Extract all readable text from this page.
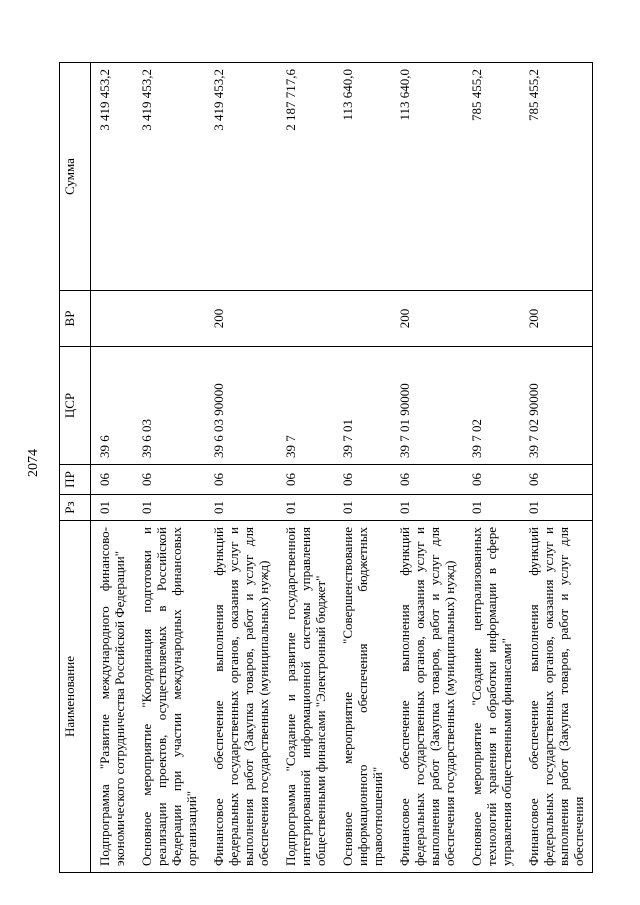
2074
Наименование	Рз	ПР	ЦСР	ВР	Сумма
Подпрограмма "Развитие международного финансово-экономического сотрудничества Российской Федерации"	01	06	39 6		3 419 453,2
Основное мероприятие "Координация подготовки и реализации проектов, осуществляемых в Российской Федерации при участии международных финансовых организаций"	01	06	39 6 03		3 419 453,2
Финансовое обеспечение выполнения функций федеральных государственных органов, оказания услуг и выполнения работ (Закупка товаров, работ и услуг для обеспечения государственных (муниципальных) нужд)	01	06	39 6 03 90000	200	3 419 453,2
Подпрограмма "Создание и развитие государственной интегрированной информационной системы управления общественными финансами "Электронный бюджет"	01	06	39 7		2 187 717,6
Основное мероприятие "Совершенствование информационного обеспечения бюджетных правоотношений"	01	06	39 7 01		113 640,0
Финансовое обеспечение выполнения функций федеральных государственных органов, оказания услуг и выполнения работ (Закупка товаров, работ и услуг для обеспечения государственных (муниципальных) нужд)	01	06	39 7 01 90000	200	113 640,0
Основное мероприятие "Создание централизованных технологий хранения и обработки информации в сфере управления общественными финансами"	01	06	39 7 02		785 455,2
Финансовое обеспечение выполнения функций федеральных государственных органов, оказания услуг и выполнения работ (Закупка товаров, работ и услуг для обеспечения	01	06	39 7 02 90000	200	785 455,2
